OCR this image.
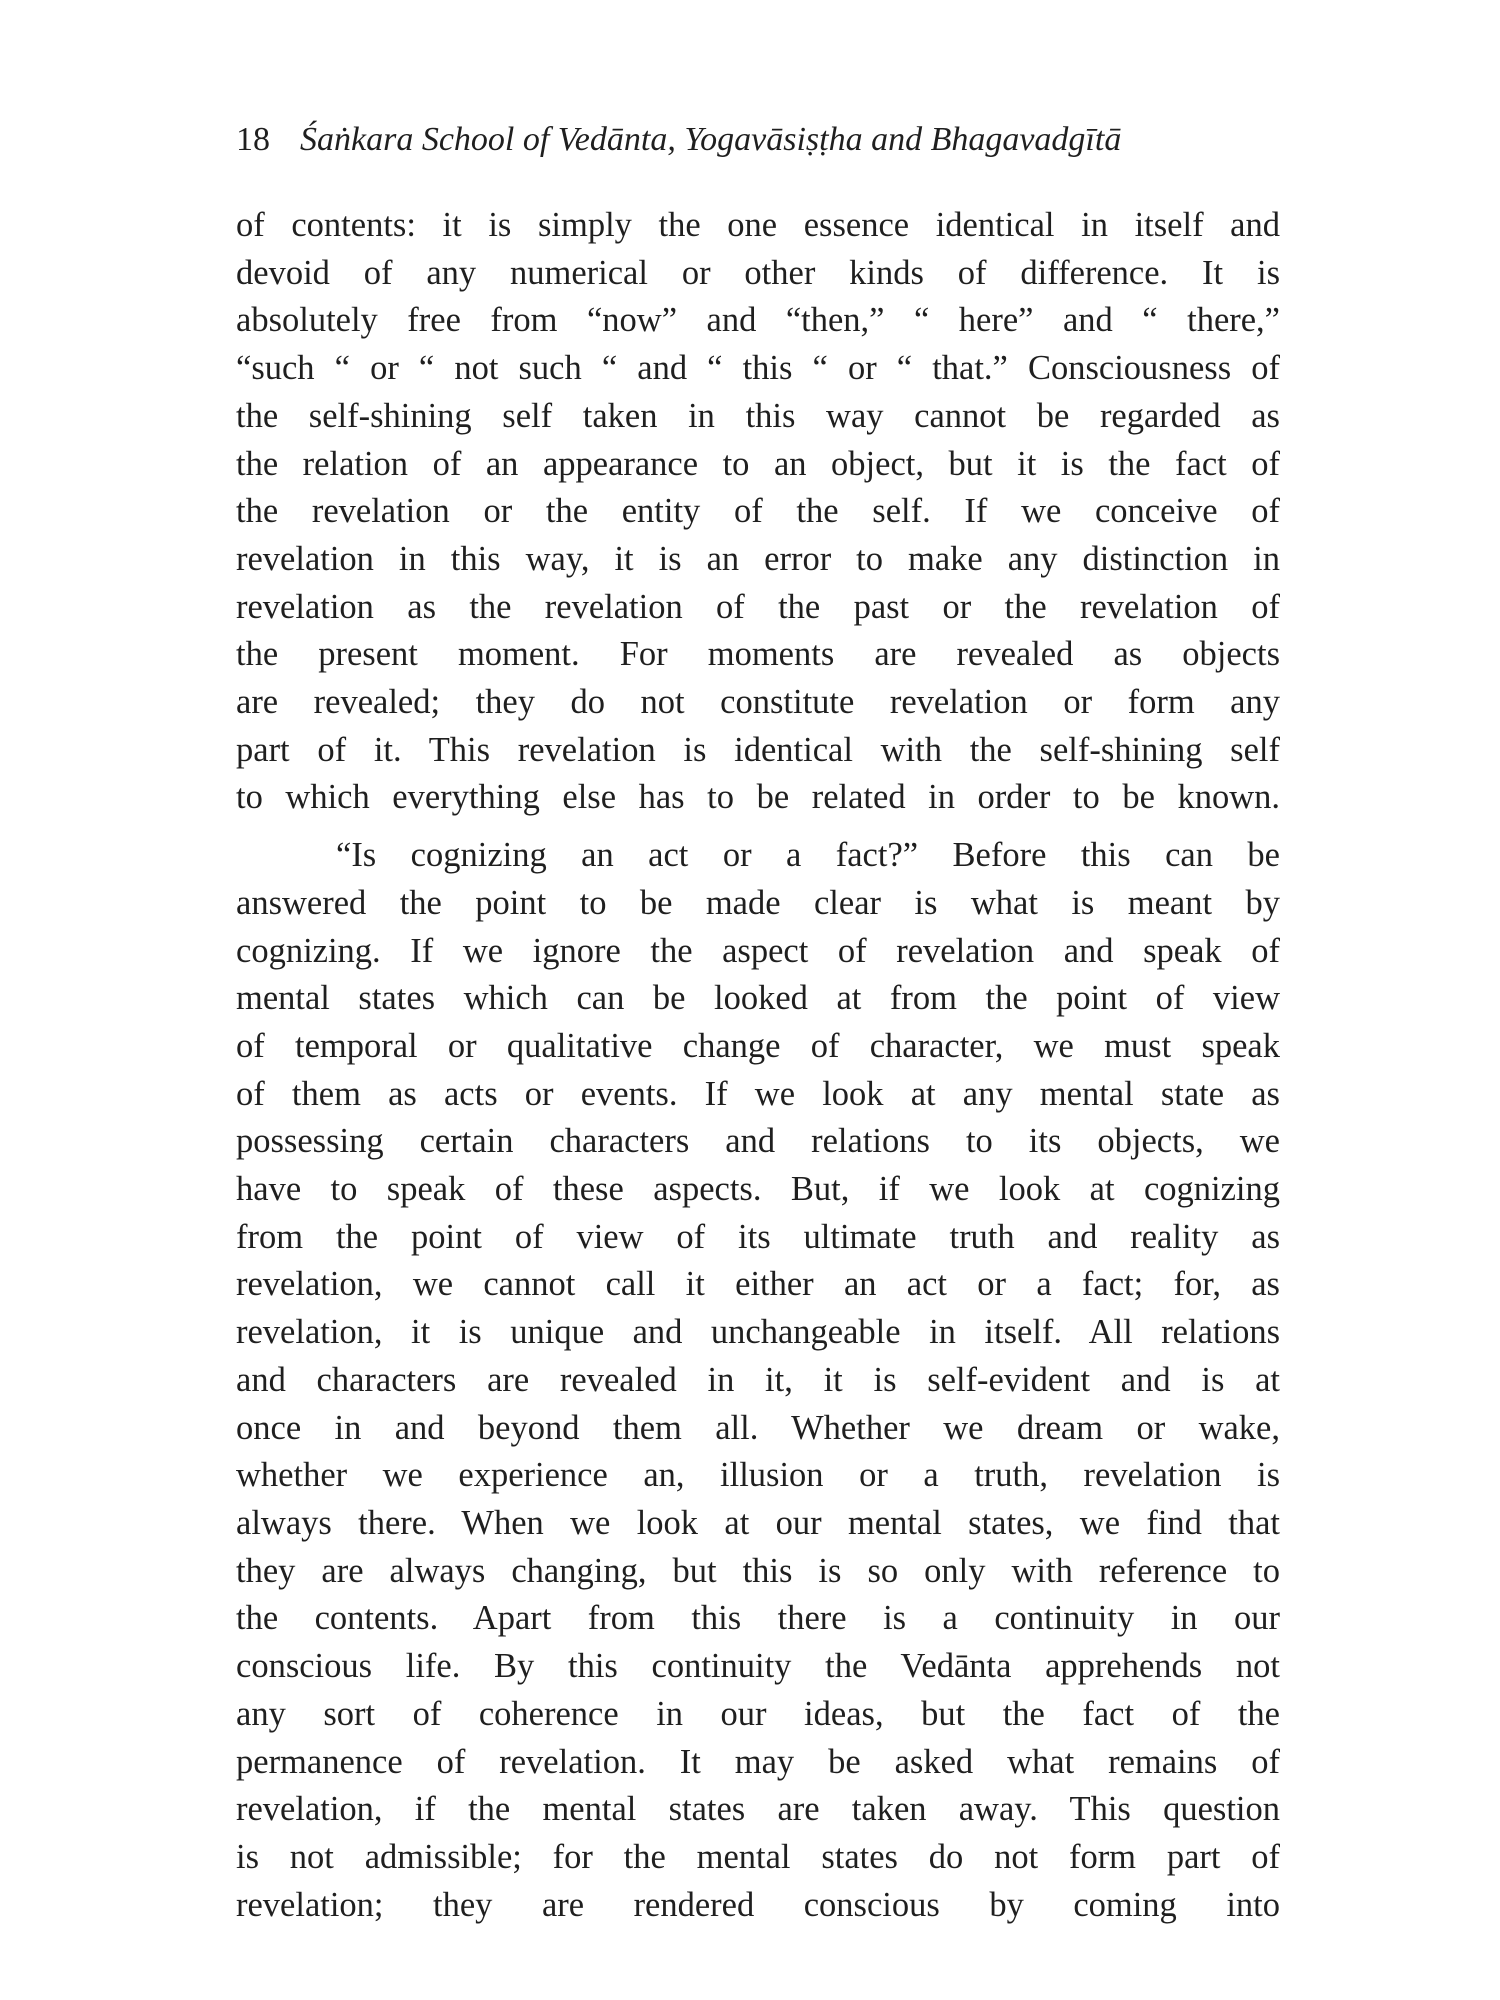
18 Śaṅkara School of Vedānta, Yogavāsiṣṭha and Bhagavadgītā

of contents: it is simply the one essence identical in itself and
devoid of any numerical or other kinds of difference. It is
absolutely free from “now” and “then,” “ here” and “ there,”
“such “ or “ not such “ and “ this “ or “ that.” Consciousness of
the self-shining self taken in this way cannot be regarded as
the relation of an appearance to an object, but it is the fact of
the revelation or the entity of the self. If we conceive of
revelation in this way, it is an error to make any distinction in
revelation as the revelation of the past or the revelation of
the present moment. For moments are revealed as objects
are revealed; they do not constitute revelation or form any
part of it. This revelation is identical with the self-shining self
to which everything else has to be related in order to be known.

“Is cognizing an act or a fact?” Before this can be
answered the point to be made clear is what is meant by
cognizing. If we ignore the aspect of revelation and speak of
mental states which can be looked at from the point of view
of temporal or qualitative change of character, we must speak
of them as acts or events. If we look at any mental state as
possessing certain characters and relations to its objects, we
have to speak of these aspects. But, if we look at cognizing
from the point of view of its ultimate truth and reality as
revelation, we cannot call it either an act or a fact; for, as
revelation, it is unique and unchangeable in itself. All relations
and characters are revealed in it, it is self-evident and is at
once in and beyond them all. Whether we dream or wake,
whether we experience an, illusion or a truth, revelation is
always there. When we look at our mental states, we find that
they are always changing, but this is so only with reference to
the contents. Apart from this there is a continuity in our
conscious life. By this continuity the Vedānta apprehends not
any sort of coherence in our ideas, but the fact of the
permanence of revelation. It may be asked what remains of
revelation, if the mental states are taken away. This question
is not admissible; for the mental states do not form part of
revelation; they are rendered conscious by coming into
